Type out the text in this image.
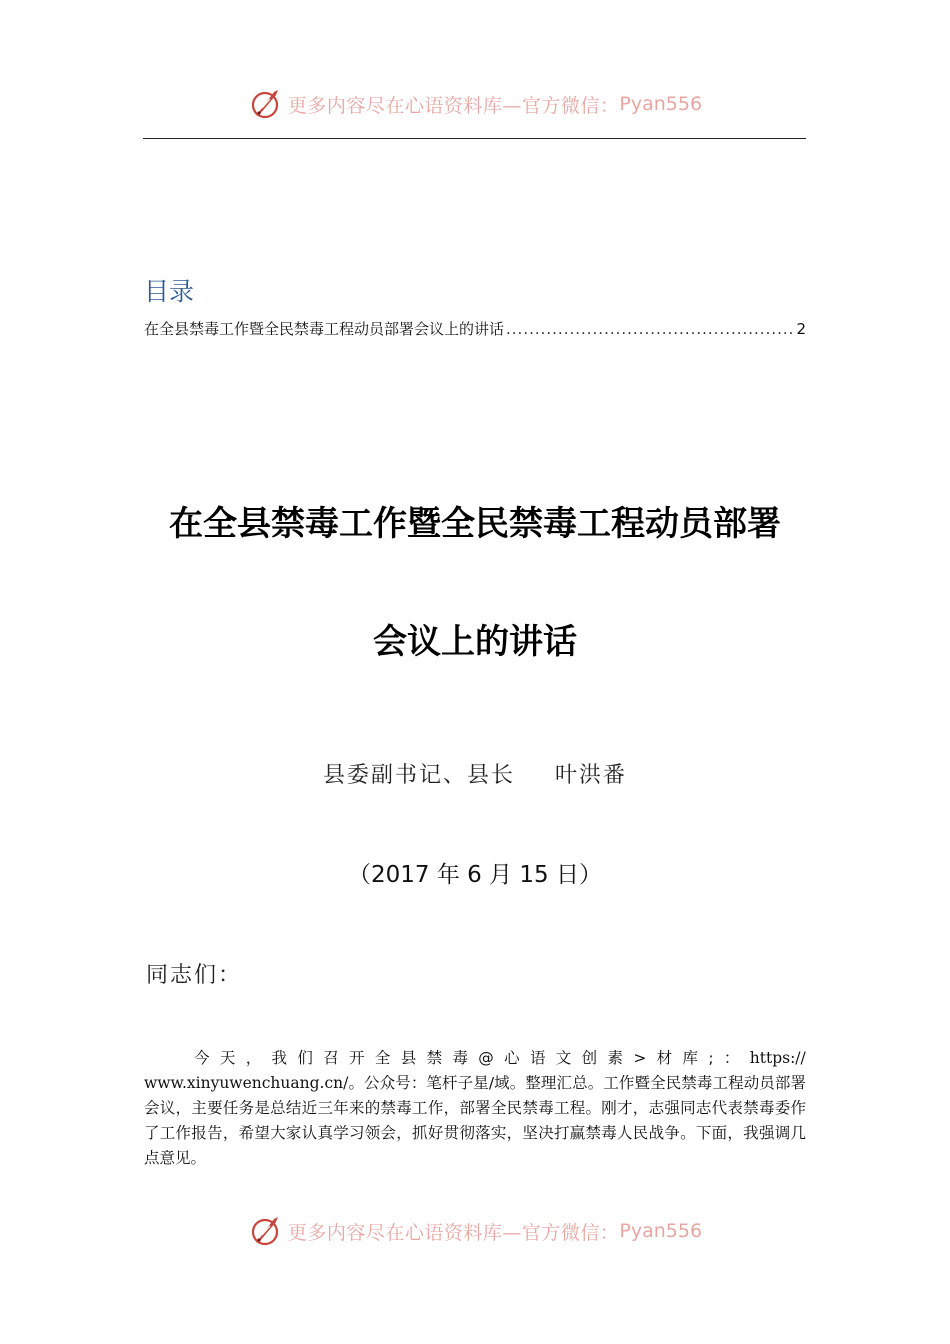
更多内容尽在心语资料库—官方微信： Pyan556
目录
在全县禁毒工作暨全民禁毒工程动员部署会议上的讲话
.....	2
在全县禁毒工作暨全民禁毒工程动员部署
会议上的讲话
县委副书记、县长 叶洪番
（2017 年 6 月 15 日）
同志们：
今 天 ， 我 们 召 开 全 县 禁 毒 @ 心 语 文 创 素 > 材 库 ; ： https://
www.xinyuwenchuang.cn/。公众号：笔杆子星/域。整理汇总。工作暨全民禁毒工程动员部署会议，主要任务是总结近三年来的禁毒工作，部署全民禁毒工程。刚才，志强同志代表禁毒委作了工作报告，希望大家认真学习领会，抓好贯彻落实，坚决打赢禁毒人民战争。下面，我强调几点意见。
更多内容尽在心语资料库—官方微信： Pyan556
